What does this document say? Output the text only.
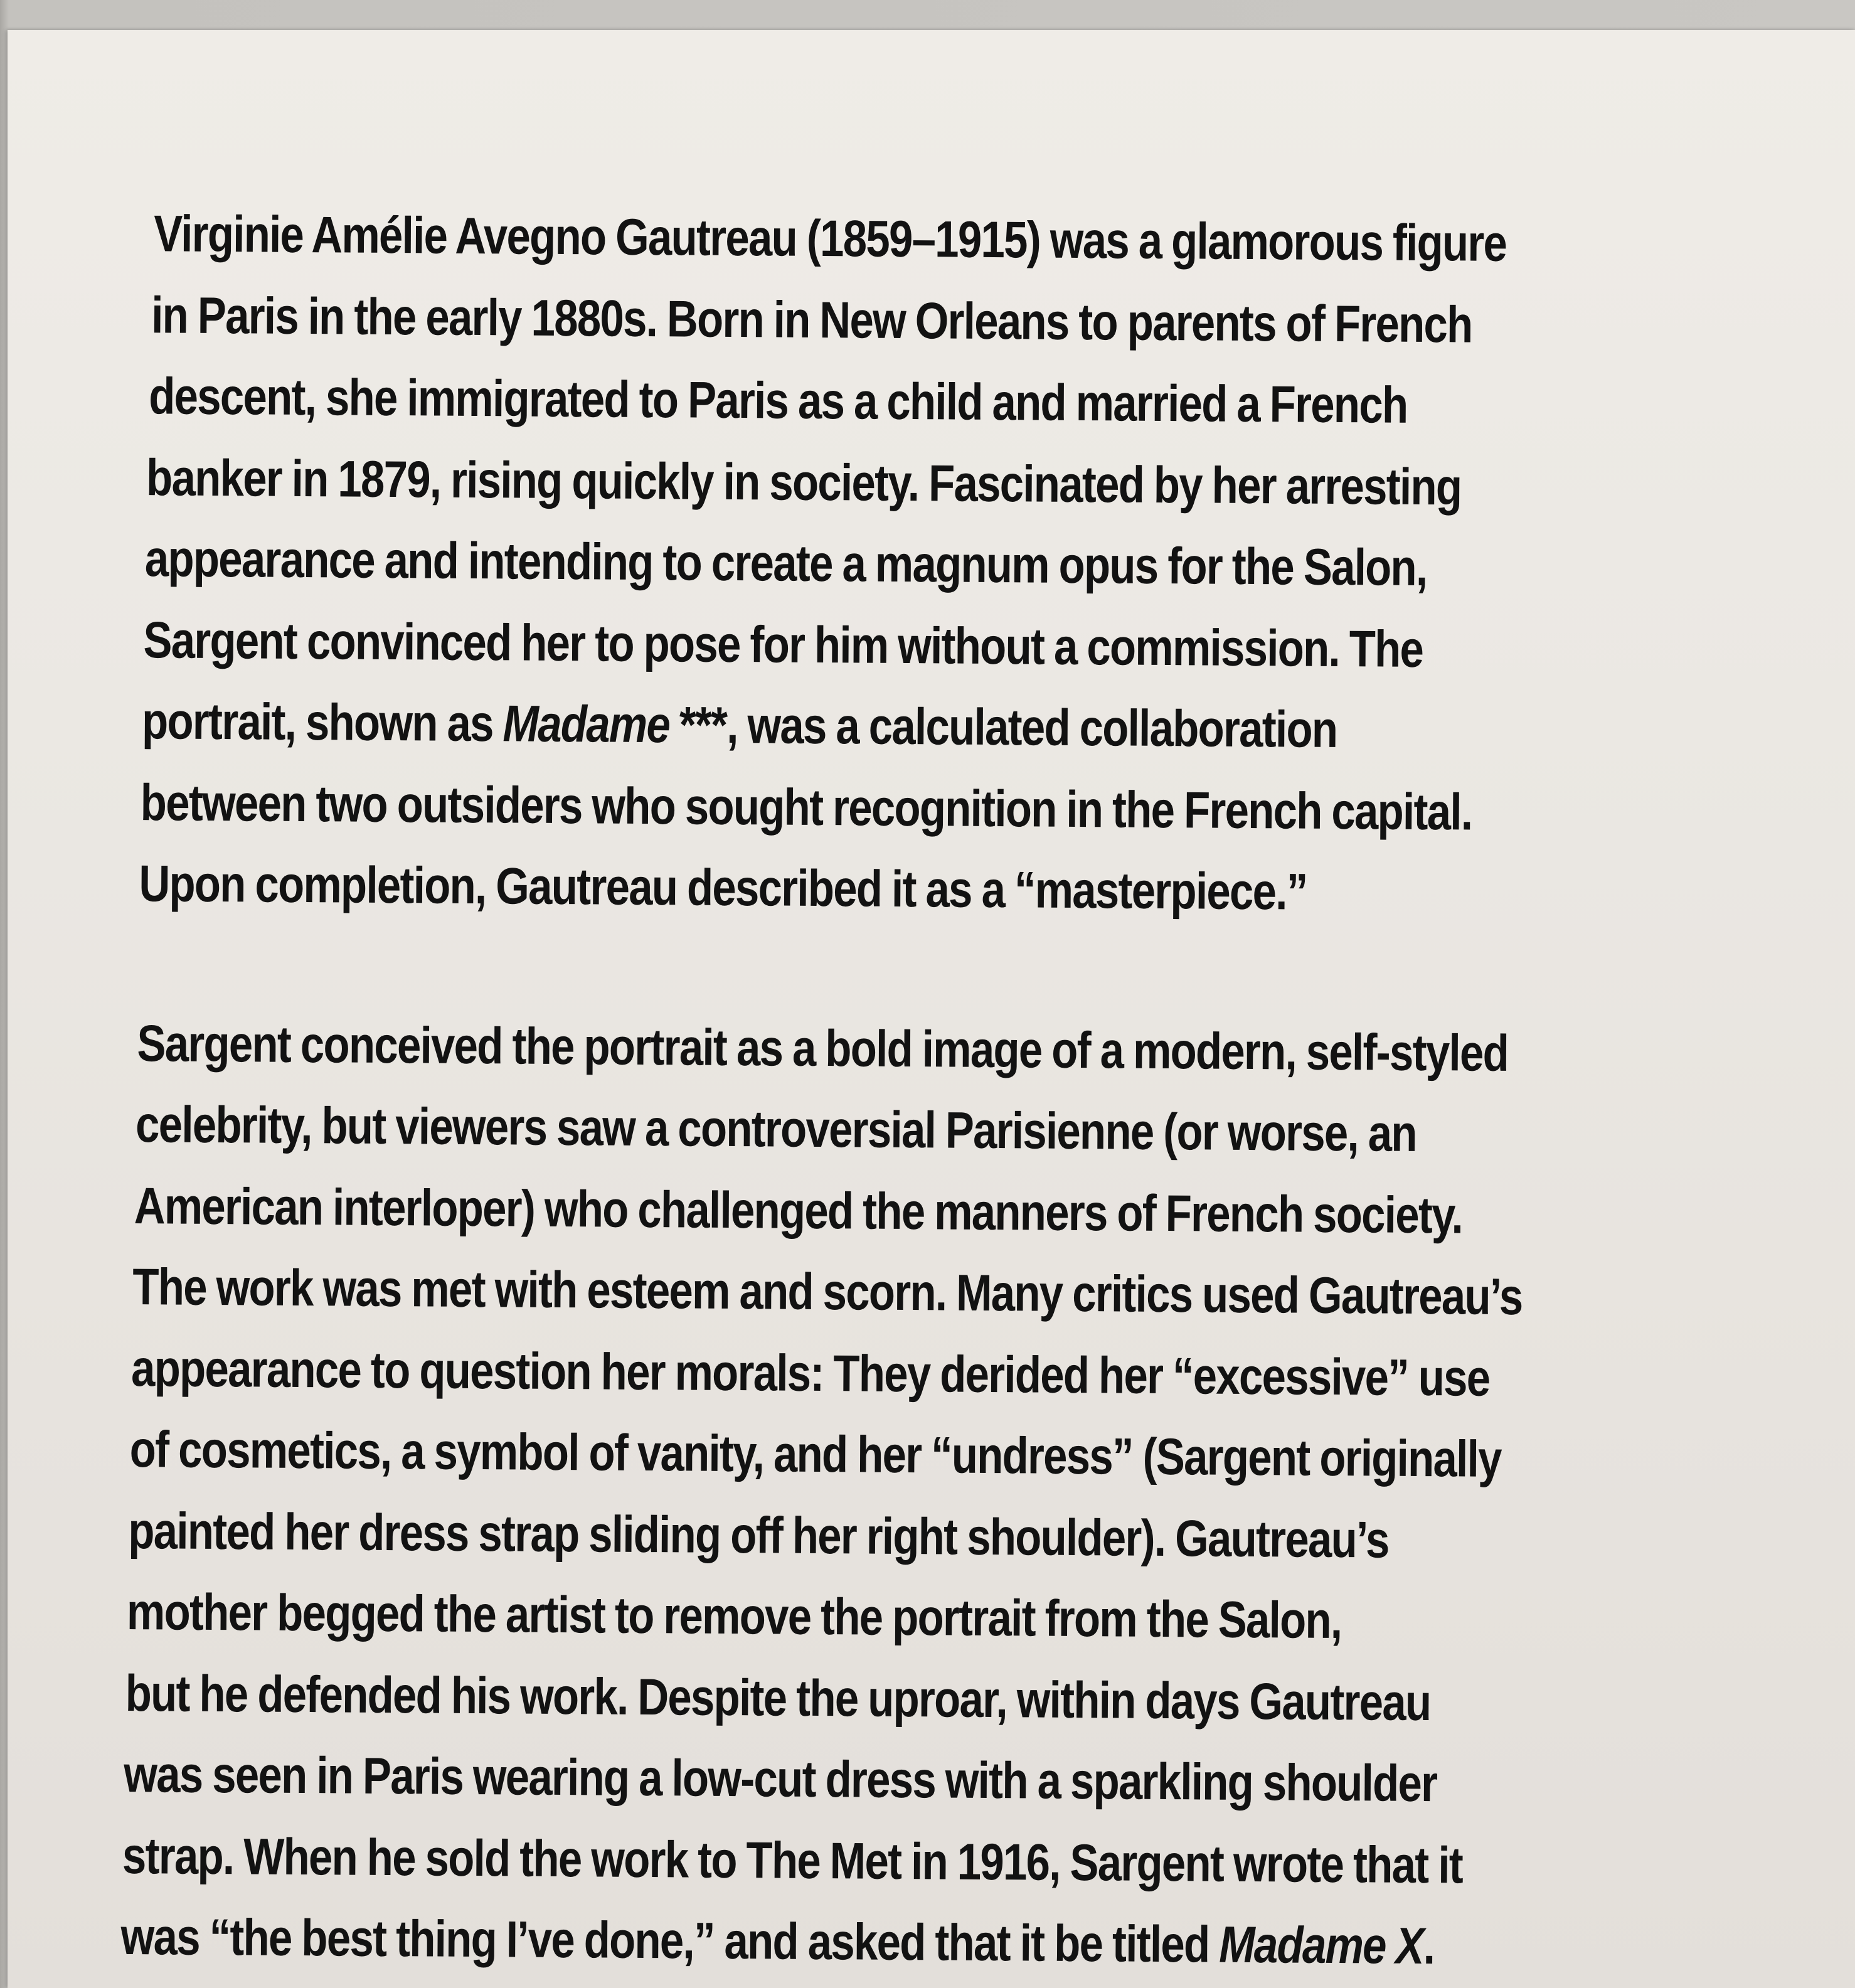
Virginie Amélie Avegno Gautreau (1859–1915) was a glamorous figure
in Paris in the early 1880s. Born in New Orleans to parents of French
descent, she immigrated to Paris as a child and married a French
banker in 1879, rising quickly in society. Fascinated by her arresting
appearance and intending to create a magnum opus for the Salon,
Sargent convinced her to pose for him without a commission. The
portrait, shown as Madame ***, was a calculated collaboration
between two outsiders who sought recognition in the French capital.
Upon completion, Gautreau described it as a “masterpiece.”

Sargent conceived the portrait as a bold image of a modern, self-styled
celebrity, but viewers saw a controversial Parisienne (or worse, an
American interloper) who challenged the manners of French society.
The work was met with esteem and scorn. Many critics used Gautreau’s
appearance to question her morals: They derided her “excessive” use
of cosmetics, a symbol of vanity, and her “undress” (Sargent originally
painted her dress strap sliding off her right shoulder). Gautreau’s
mother begged the artist to remove the portrait from the Salon,
but he defended his work. Despite the uproar, within days Gautreau
was seen in Paris wearing a low-cut dress with a sparkling shoulder
strap. When he sold the work to The Met in 1916, Sargent wrote that it
was “the best thing I’ve done,” and asked that it be titled Madame X.
